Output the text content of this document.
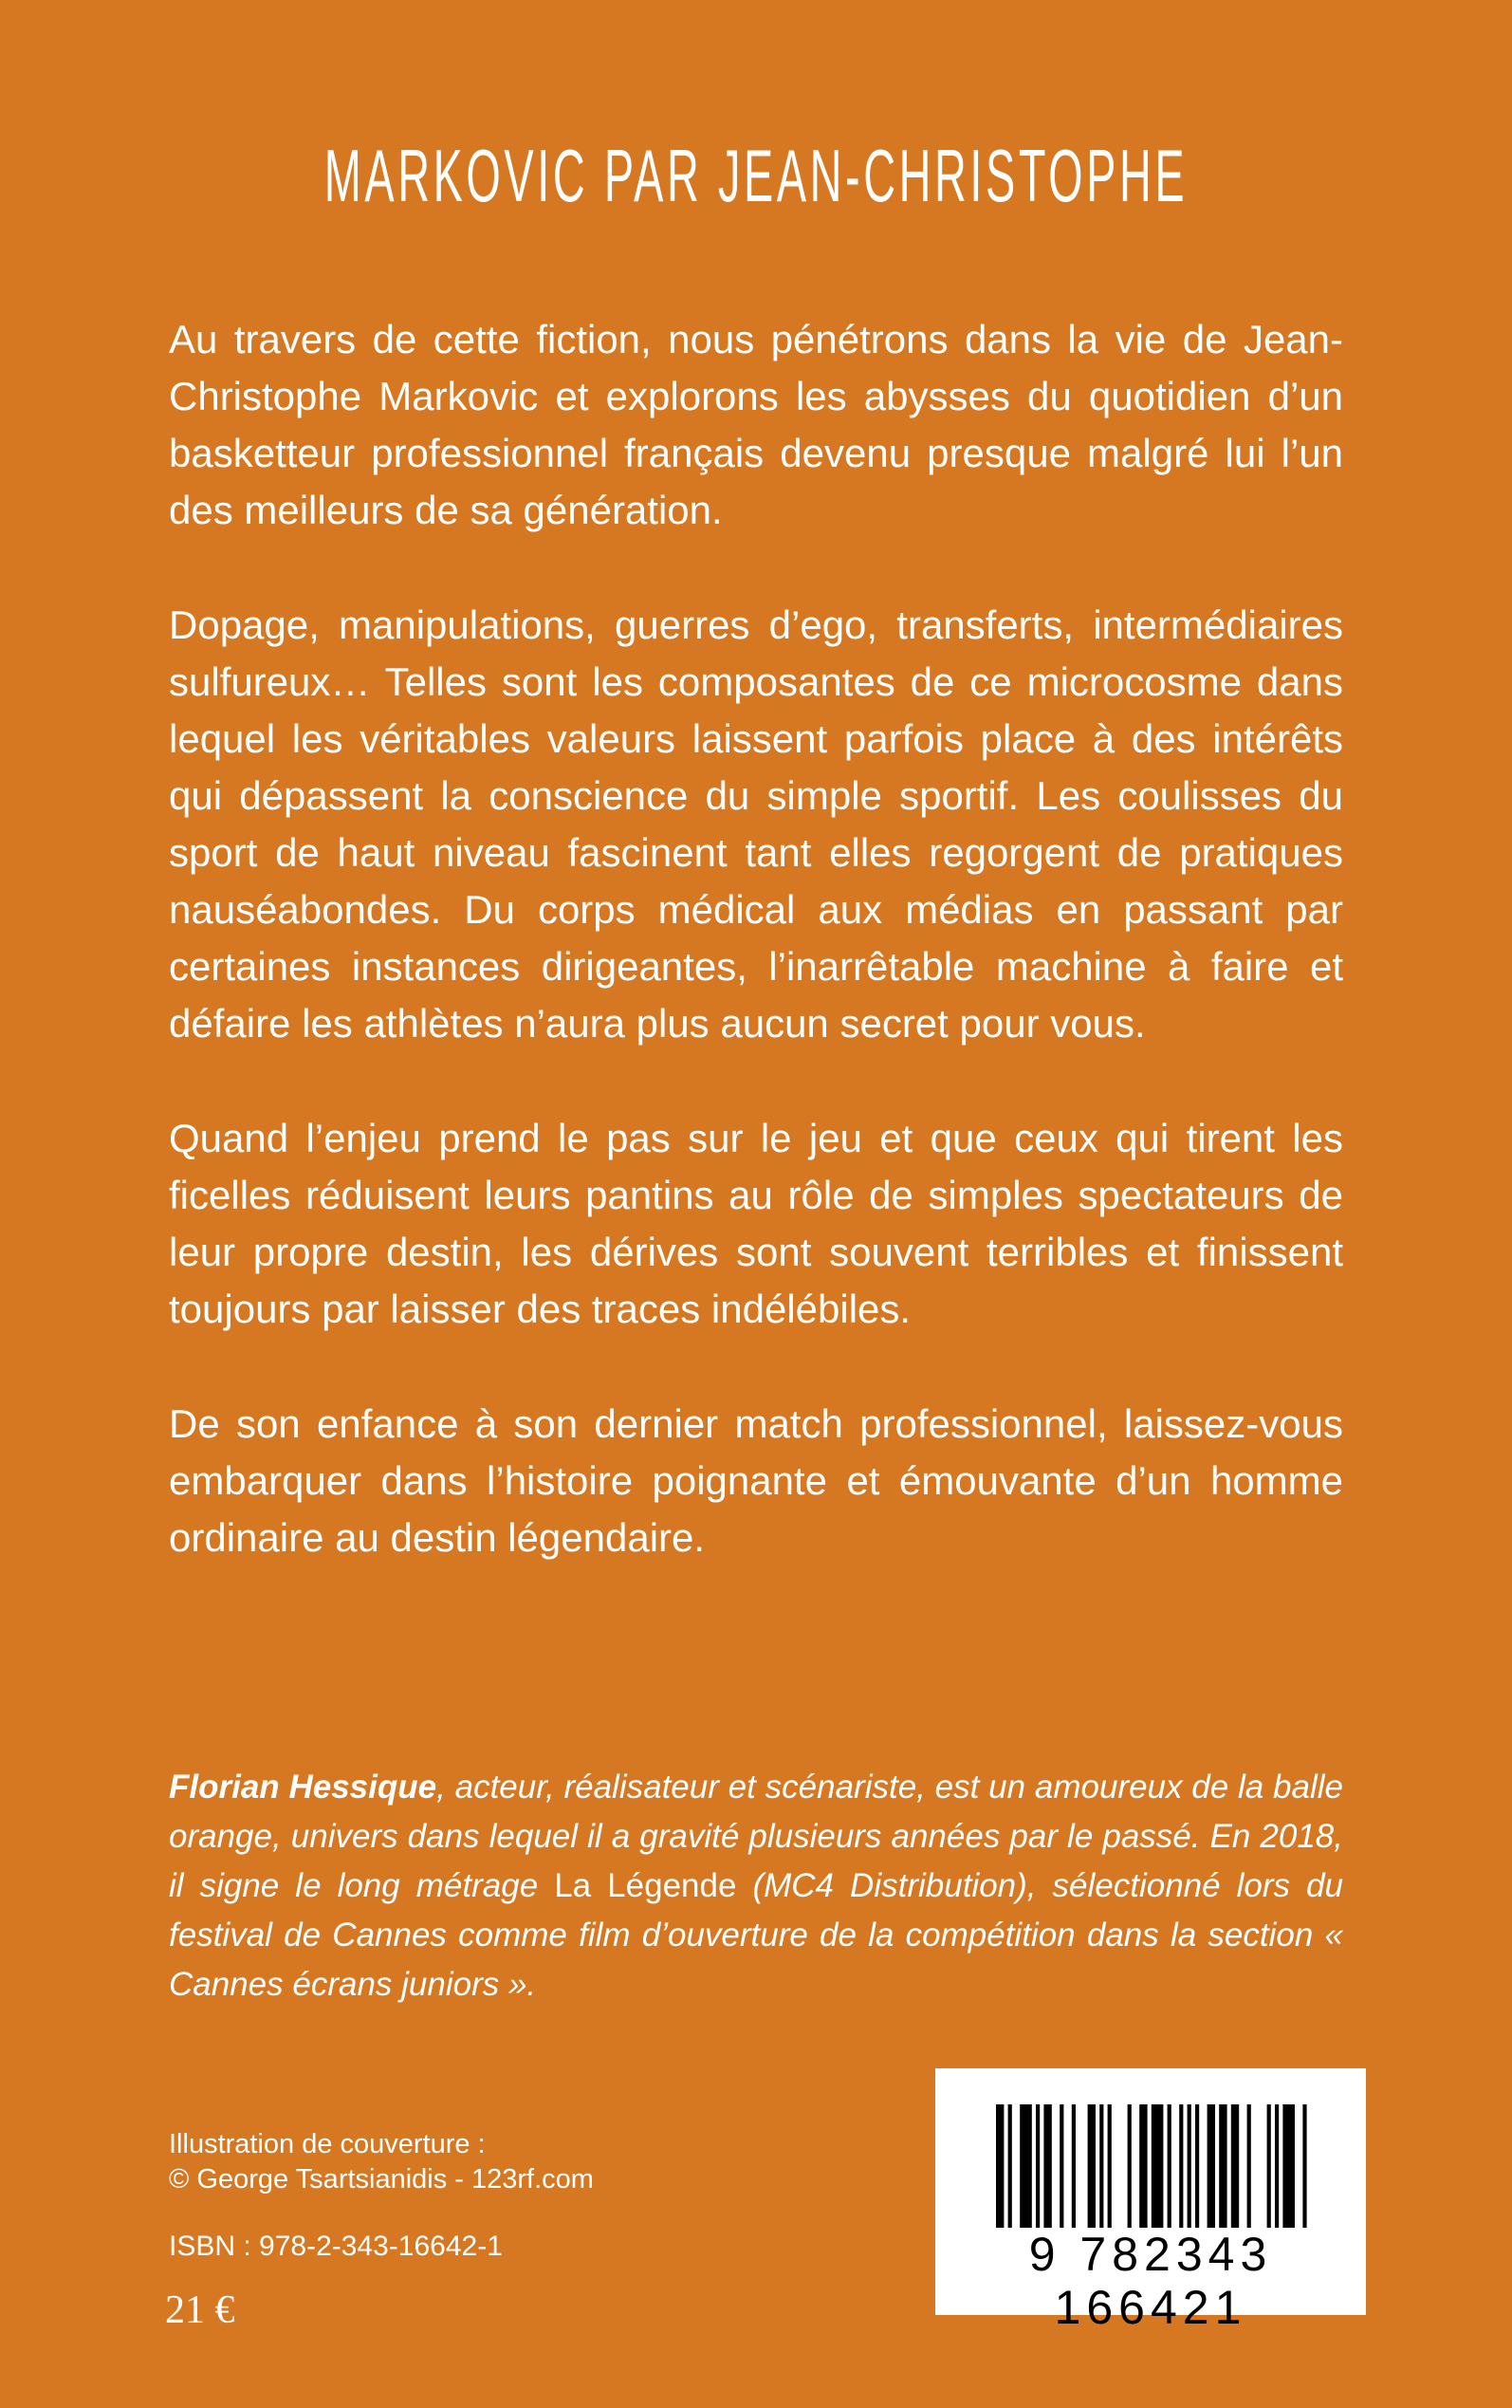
MARKOVIC PAR JEAN-CHRISTOPHE

Au travers de cette fiction, nous pénétrons dans la vie de Jean-Christophe Markovic et explorons les abysses du quotidien d’un basketteur professionnel français devenu presque malgré lui l’un des meilleurs de sa génération.

Dopage, manipulations, guerres d’ego, transferts, intermédiaires sulfureux… Telles sont les composantes de ce microcosme dans lequel les véritables valeurs laissent parfois place à des intérêts qui dépassent la conscience du simple sportif. Les coulisses du sport de haut niveau fascinent tant elles regorgent de pratiques nauséabondes. Du corps médical aux médias en passant par certaines instances dirigeantes, l’inarrêtable machine à faire et défaire les athlètes n’aura plus aucun secret pour vous.

Quand l’enjeu prend le pas sur le jeu et que ceux qui tirent les ficelles réduisent leurs pantins au rôle de simples spectateurs de leur propre destin, les dérives sont souvent terribles et finissent toujours par laisser des traces indélébiles.

De son enfance à son dernier match professionnel, laissez-vous embarquer dans l’histoire poignante et émouvante d’un homme ordinaire au destin légendaire.

Florian Hessique, acteur, réalisateur et scénariste, est un amoureux de la balle orange, univers dans lequel il a gravité plusieurs années par le passé. En 2018, il signe le long métrage La Légende (MC4 Distribution), sélectionné lors du festival de Cannes comme film d’ouverture de la compétition dans la section « Cannes écrans juniors ».
Illustration de couverture :
© George Tsartsianidis - 123rf.com
ISBN : 978-2-343-16642-1
21 €
9 782343 166421
